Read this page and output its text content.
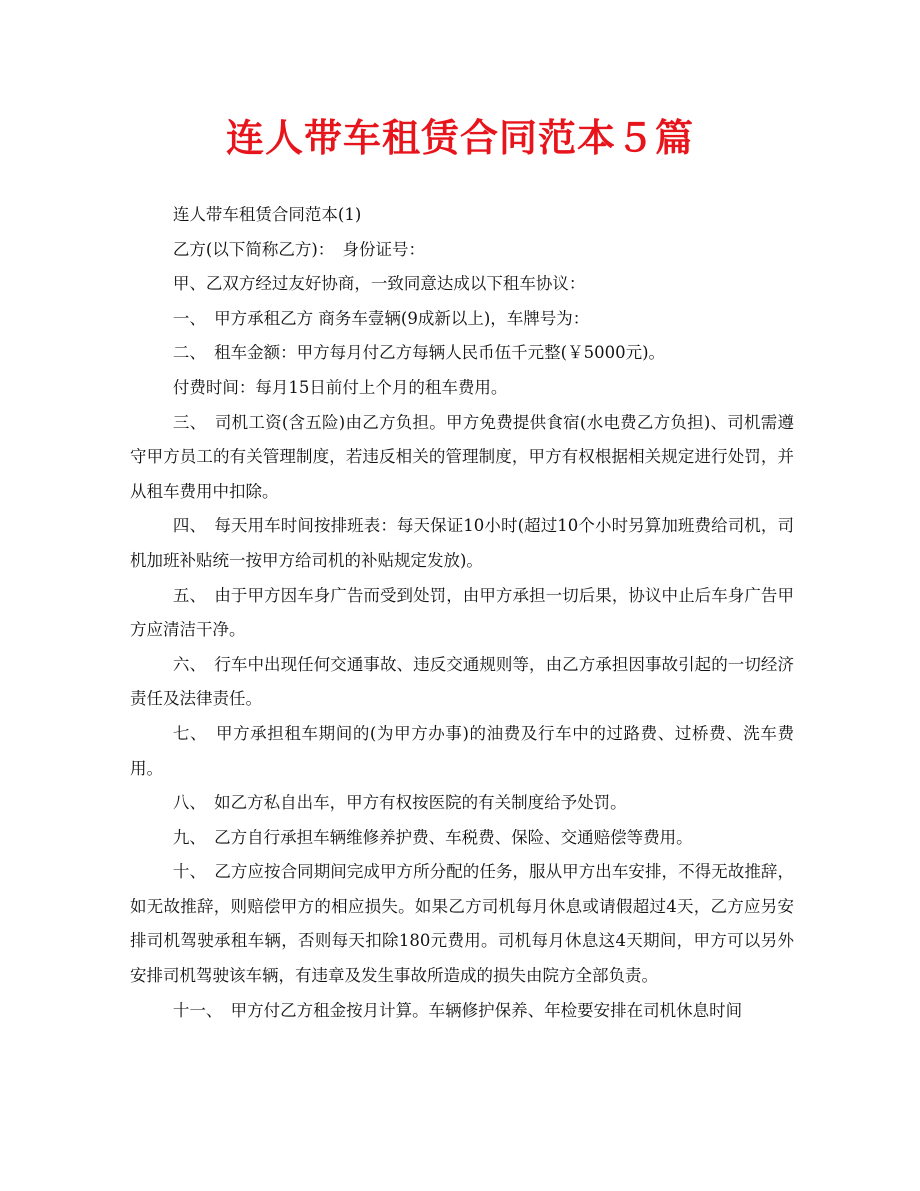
连人带车租赁合同范本５篇

连人带车租赁合同范本(1)

乙方(以下简称乙方)：　身份证号：

甲、乙双方经过友好协商，一致同意达成以下租车协议：

一、　甲方承租乙方 商务车壹辆(9成新以上)，车牌号为：

二、　租车金额：甲方每月付乙方每辆人民币伍千元整(￥5000元)。

付费时间：每月15日前付上个月的租车费用。

三、　司机工资(含五险)由乙方负担。甲方免费提供食宿(水电费乙方负担)、司机需遵守甲方员工的有关管理制度，若违反相关的管理制度，甲方有权根据相关规定进行处罚，并从租车费用中扣除。

四、　每天用车时间按排班表：每天保证10小时(超过10个小时另算加班费给司机，司机加班补贴统一按甲方给司机的补贴规定发放)。

五、　由于甲方因车身广告而受到处罚，由甲方承担一切后果，协议中止后车身广告甲方应清洁干净。

六、　行车中出现任何交通事故、违反交通规则等，由乙方承担因事故引起的一切经济责任及法律责任。

七、　甲方承担租车期间的(为甲方办事)的油费及行车中的过路费、过桥费、洗车费用。

八、　如乙方私自出车，甲方有权按医院的有关制度给予处罚。

九、　乙方自行承担车辆维修养护费、车税费、保险、交通赔偿等费用。

十、　乙方应按合同期间完成甲方所分配的任务，服从甲方出车安排，不得无故推辞，如无故推辞，则赔偿甲方的相应损失。如果乙方司机每月休息或请假超过4天，乙方应另安排司机驾驶承租车辆，否则每天扣除180元费用。司机每月休息这4天期间，甲方可以另外安排司机驾驶该车辆，有违章及发生事故所造成的损失由院方全部负责。

十一、　甲方付乙方租金按月计算。车辆修护保养、年检要安排在司机休息时间
